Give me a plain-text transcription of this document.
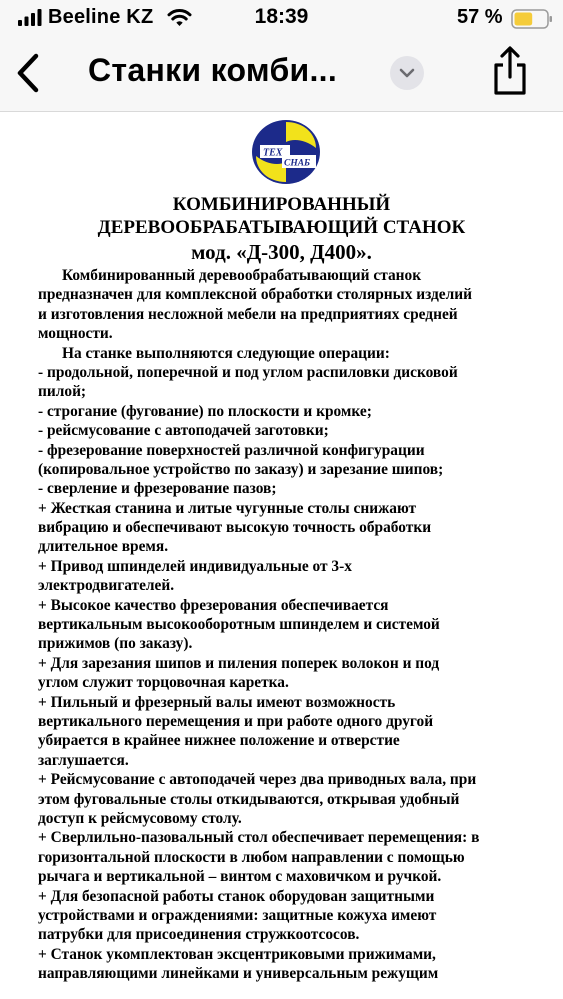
Beeline KZ	18:39	57 %
Станки комби...
ТЕХ
СНАБ
КОМБИНИРОВАННЫЙ
ДЕРЕВООБРАБАТЫВАЮЩИЙ СТАНОК
мод. «Д-300, Д400».
Комбинированный деревообрабатывающий станок
предназначен для комплексной обработки столярных изделий
и изготовления несложной мебели на предприятиях средней
мощности.
На станке выполняются следующие операции:
- продольной, поперечной и под углом распиловки дисковой
пилой;
- строгание (фугование) по плоскости и кромке;
- рейсмусование с автоподачей заготовки;
- фрезерование поверхностей различной конфигурации
(копировальное устройство по заказу) и зарезание шипов;
- сверление и фрезерование пазов;
+ Жесткая станина и литые чугунные столы снижают
вибрацию и обеспечивают высокую точность обработки
длительное время.
+ Привод шпинделей индивидуальные от 3-х
электродвигателей.
+ Высокое качество фрезерования обеспечивается
вертикальным высокооборотным шпинделем и системой
прижимов (по заказу).
+ Для зарезания шипов и пиления поперек волокон и под
углом служит торцовочная каретка.
+ Пильный и фрезерный валы имеют возможность
вертикального перемещения и при работе одного другой
убирается в крайнее нижнее положение и отверстие
заглушается.
+ Рейсмусование с автоподачей через два приводных вала, при
этом фуговальные столы откидываются, открывая удобный
доступ к рейсмусовому столу.
+ Сверлильно-пазовальный стол обеспечивает перемещения: в
горизонтальной плоскости в любом направлении с помощью
рычага и вертикальной – винтом с маховичком и ручкой.
+ Для безопасной работы станок оборудован защитными
устройствами и ограждениями: защитные кожуха имеют
патрубки для присоединения стружкоотсосов.
+ Станок укомплектован эксцентриковыми прижимами,
направляющими линейками и универсальным режущим
